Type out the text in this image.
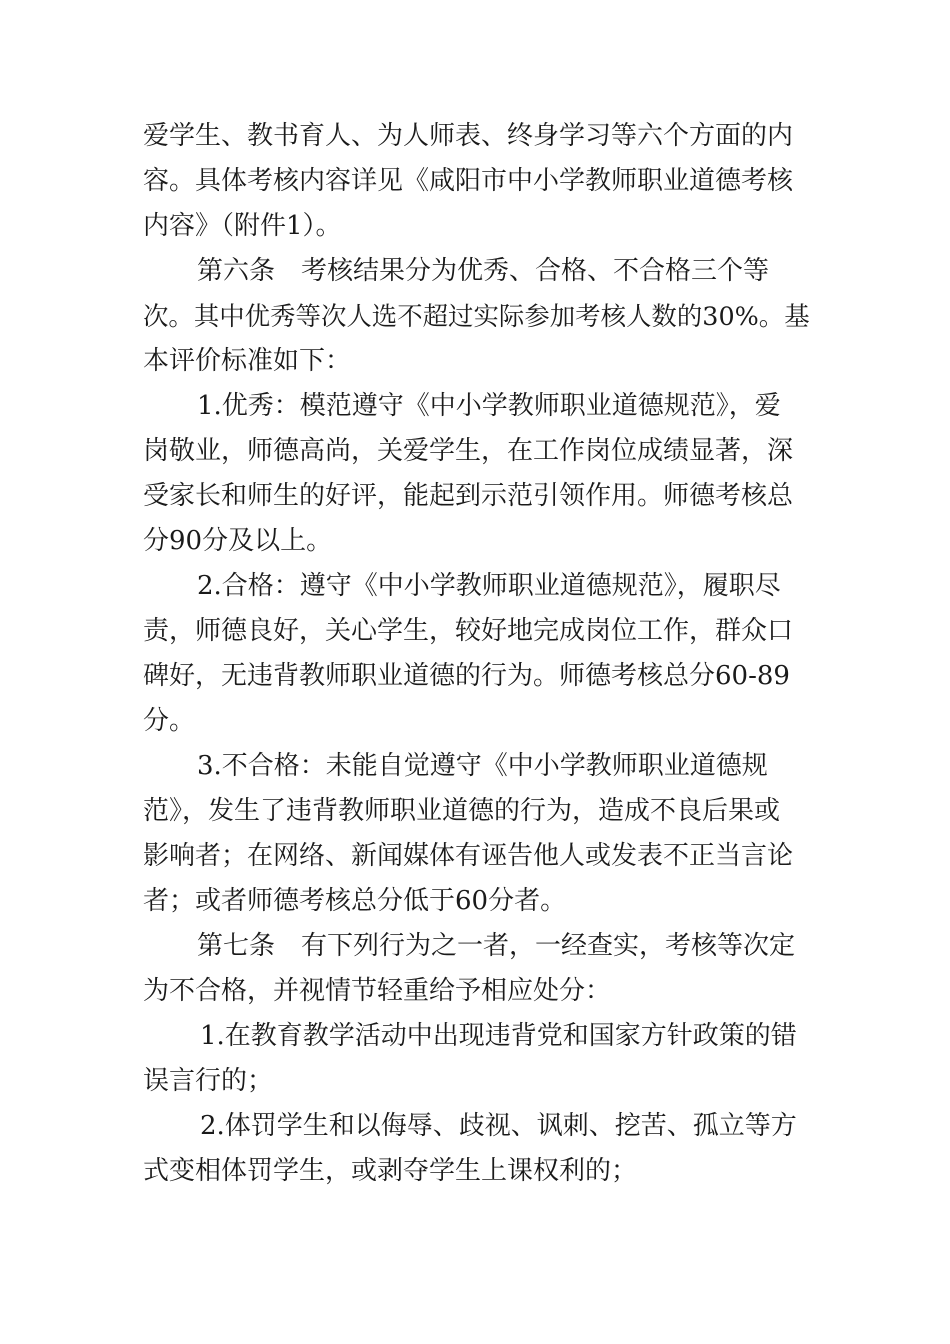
爱学生、教书育人、为人师表、终身学习等六个方面的内
容。具体考核内容详见《咸阳市中小学教师职业道德考核
内容》（附件1）。
第六条　考核结果分为优秀、合格、不合格三个等
次。其中优秀等次人选不超过实际参加考核人数的30%。基
本评价标准如下：
1.优秀：模范遵守《中小学教师职业道德规范》，爱
岗敬业，师德高尚，关爱学生，在工作岗位成绩显著，深
受家长和师生的好评，能起到示范引领作用。师德考核总
分90分及以上。
2.合格：遵守《中小学教师职业道德规范》，履职尽
责，师德良好，关心学生，较好地完成岗位工作，群众口
碑好，无违背教师职业道德的行为。师德考核总分60-89
分。
3.不合格：未能自觉遵守《中小学教师职业道德规
范》，发生了违背教师职业道德的行为，造成不良后果或
影响者；在网络、新闻媒体有诬告他人或发表不正当言论
者；或者师德考核总分低于60分者。
第七条　有下列行为之一者，一经查实，考核等次定
为不合格，并视情节轻重给予相应处分：
1.在教育教学活动中出现违背党和国家方针政策的错
误言行的；
2.体罚学生和以侮辱、歧视、讽刺、挖苦、孤立等方
式变相体罚学生，或剥夺学生上课权利的；
